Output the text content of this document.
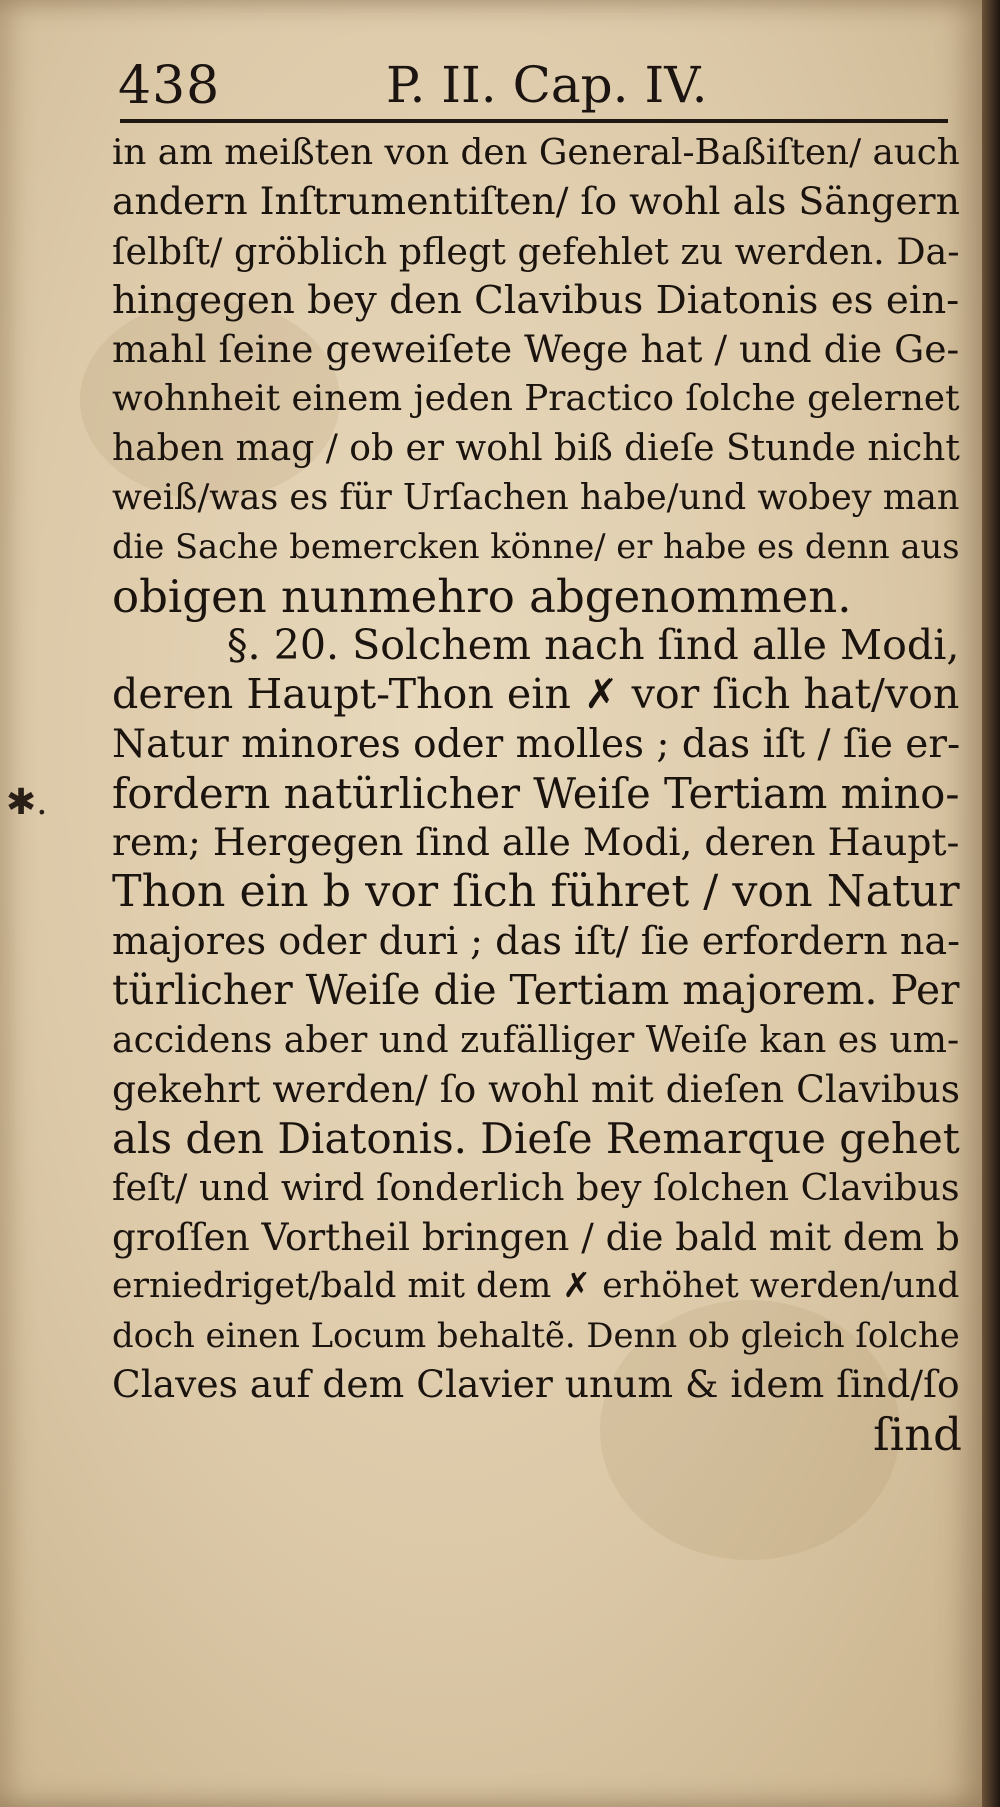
438	P. II. Cap. IV.
✱.
in am meißten von den General-Baßiſten/ auch
andern Inſtrumentiſten/ ſo wohl als Sängern
ſelbſt/ gröblich pflegt gefehlet zu werden. Da-
hingegen bey den Clavibus Diatonis es ein-
mahl ſeine geweiſete Wege hat / und die Ge-
wohnheit einem jeden Practico ſolche gelernet
haben mag / ob er wohl biß dieſe Stunde nicht
weiß/was es für Urſachen habe/und wobey man
die Sache bemercken könne/ er habe es denn aus
obigen nunmehro abgenommen.
§. 20. Solchem nach ſind alle Modi,
deren Haupt-Thon ein ✗ vor ſich hat/von
Natur minores oder molles ; das iſt / ſie er-
fordern natürlicher Weiſe Tertiam mino-
rem; Hergegen ſind alle Modi, deren Haupt-
Thon ein b vor ſich führet / von Natur
majores oder duri ; das iſt/ ſie erfordern na-
türlicher Weiſe die Tertiam majorem. Per
accidens aber und zufälliger Weiſe kan es um-
gekehrt werden/ ſo wohl mit dieſen Clavibus
als den Diatonis. Dieſe Remarque gehet
feſt/ und wird ſonderlich bey ſolchen Clavibus
groſſen Vortheil bringen / die bald mit dem b
erniedriget/bald mit dem ✗ erhöhet werden/und
doch einen Locum behaltẽ. Denn ob gleich ſolche
Claves auf dem Clavier unum & idem ſind/ſo
ſind
